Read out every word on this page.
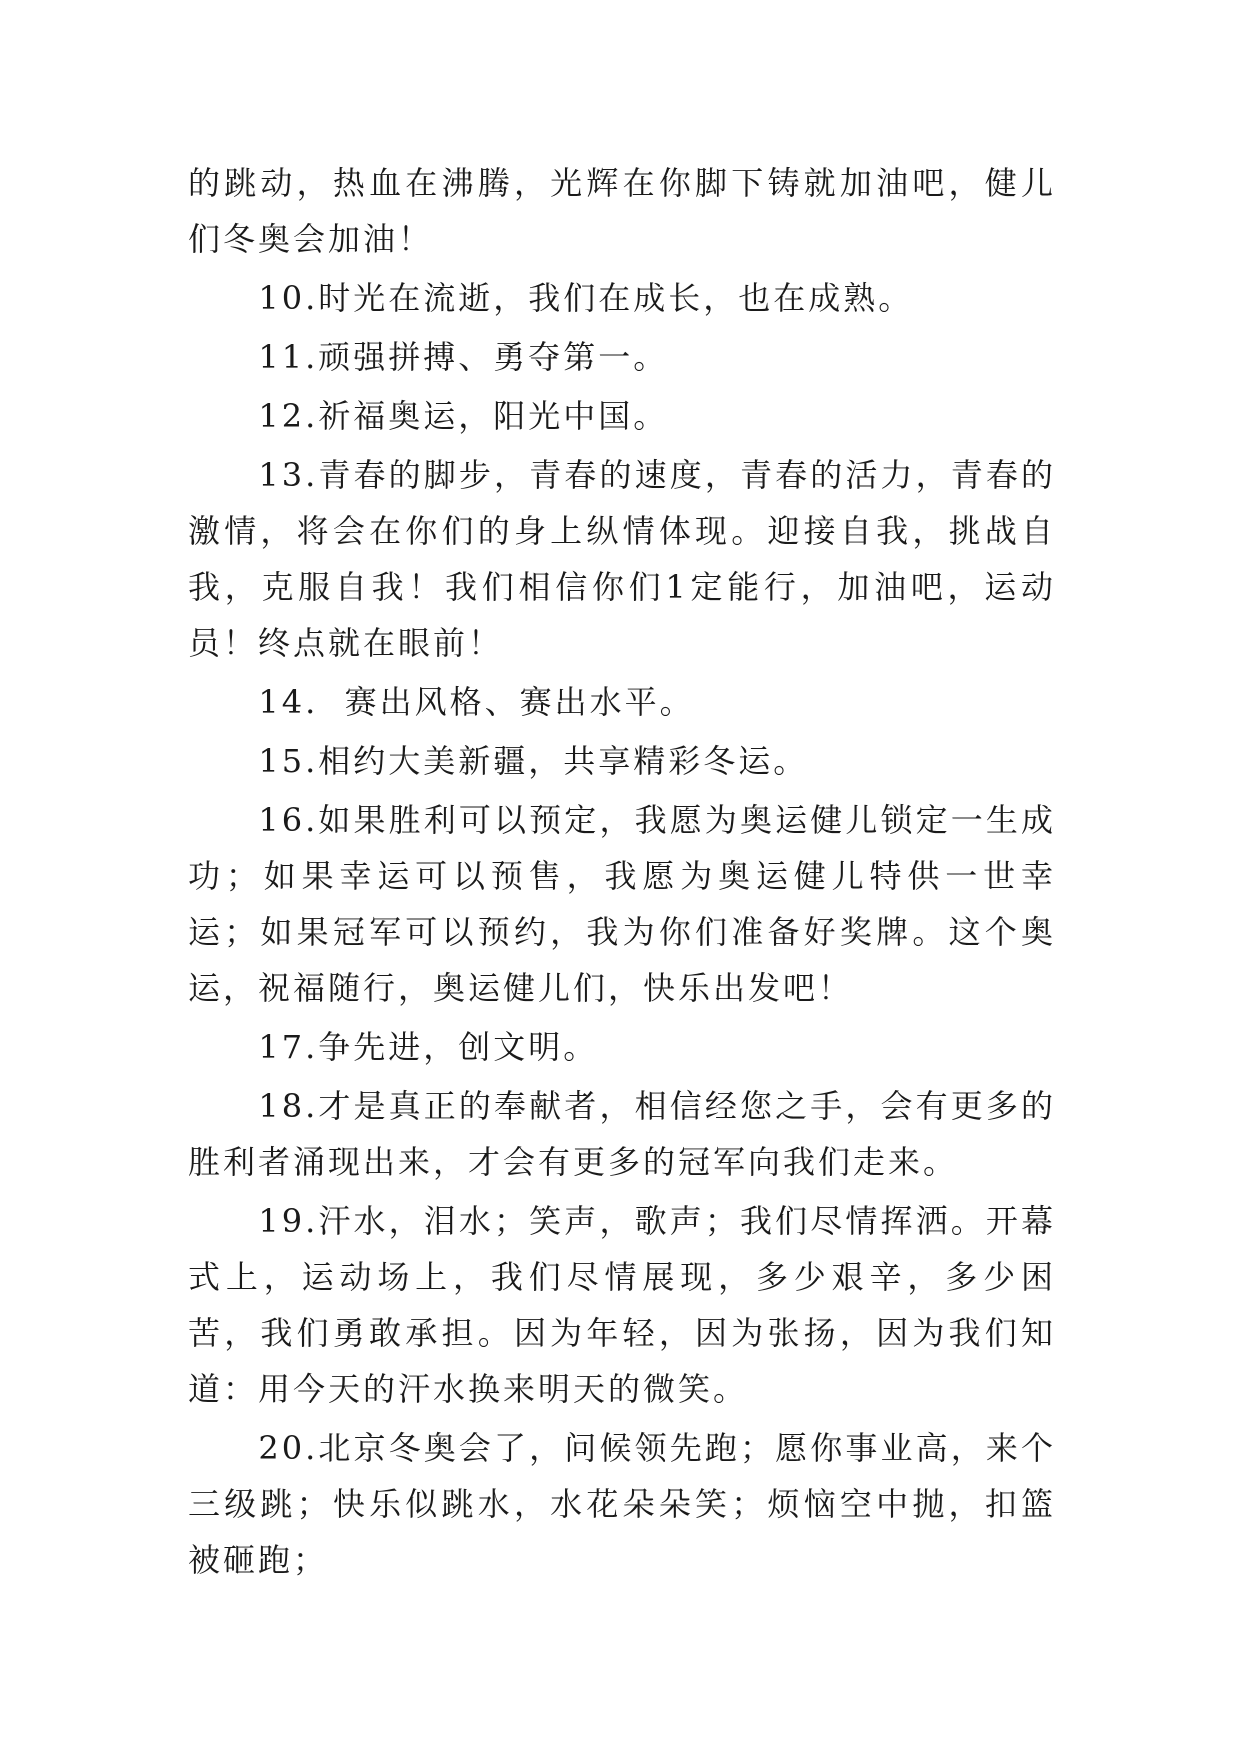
的跳动，热血在沸腾，光辉在你脚下铸就加油吧，健儿们冬奥会加油！

10.时光在流逝，我们在成长，也在成熟。

11.顽强拼搏、勇夺第一。

12.祈福奥运，阳光中国。

13.青春的脚步，青春的速度，青春的活力，青春的激情，将会在你们的身上纵情体现。迎接自我，挑战自我，克服自我！我们相信你们1定能行，加油吧，运动员！终点就在眼前！

14.  赛出风格、赛出水平。

15.相约大美新疆，共享精彩冬运。

16.如果胜利可以预定，我愿为奥运健儿锁定一生成功；如果幸运可以预售，我愿为奥运健儿特供一世幸运；如果冠军可以预约，我为你们准备好奖牌。这个奥运，祝福随行，奥运健儿们，快乐出发吧！

17.争先进，创文明。

18.才是真正的奉献者，相信经您之手，会有更多的胜利者涌现出来，才会有更多的冠军向我们走来。

19.汗水，泪水；笑声，歌声；我们尽情挥洒。开幕式上，运动场上，我们尽情展现，多少艰辛，多少困苦，我们勇敢承担。因为年轻，因为张扬，因为我们知道：用今天的汗水换来明天的微笑。

20.北京冬奥会了，问候领先跑；愿你事业高，来个三级跳；快乐似跳水，水花朵朵笑；烦恼空中抛，扣篮被砸跑；
